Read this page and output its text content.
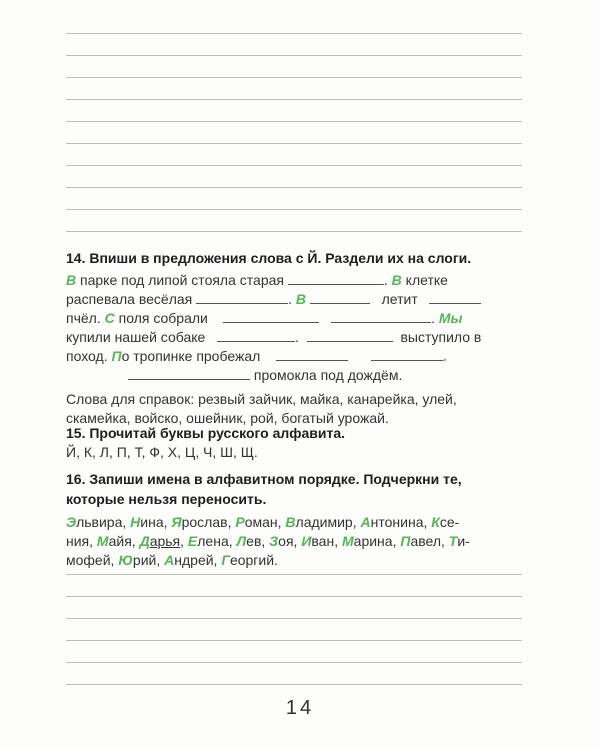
14. Впиши в предложения слова с Й. Раздели их на слоги.
В парке под липой стояла старая	. В клетке
распевала весёлая	. В	летит
пчёл. С поля собрали	. Мы
купили нашей собаке	.	выступило в
поход. По тропинке пробежал	.
промокла под дождём.
Слова для справок: резвый зайчик, майка, канарейка, улей,
скамейка, войско, ошейник, рой, богатый урожай.
15. Прочитай буквы русского алфавита.
Й, К, Л, П, Т, Ф, Х, Ц, Ч, Ш, Щ.
16. Запиши имена в алфавитном порядке. Подчеркни те,
которые нельзя переносить.
Эльвира, Нина, Ярослав, Роман, Владимир, Антонина, Ксе-
ния, Майя, Дарья, Елена, Лев, Зоя, Иван, Марина, Павел, Ти-
мофей, Юрий, Андрей, Георгий.
14
